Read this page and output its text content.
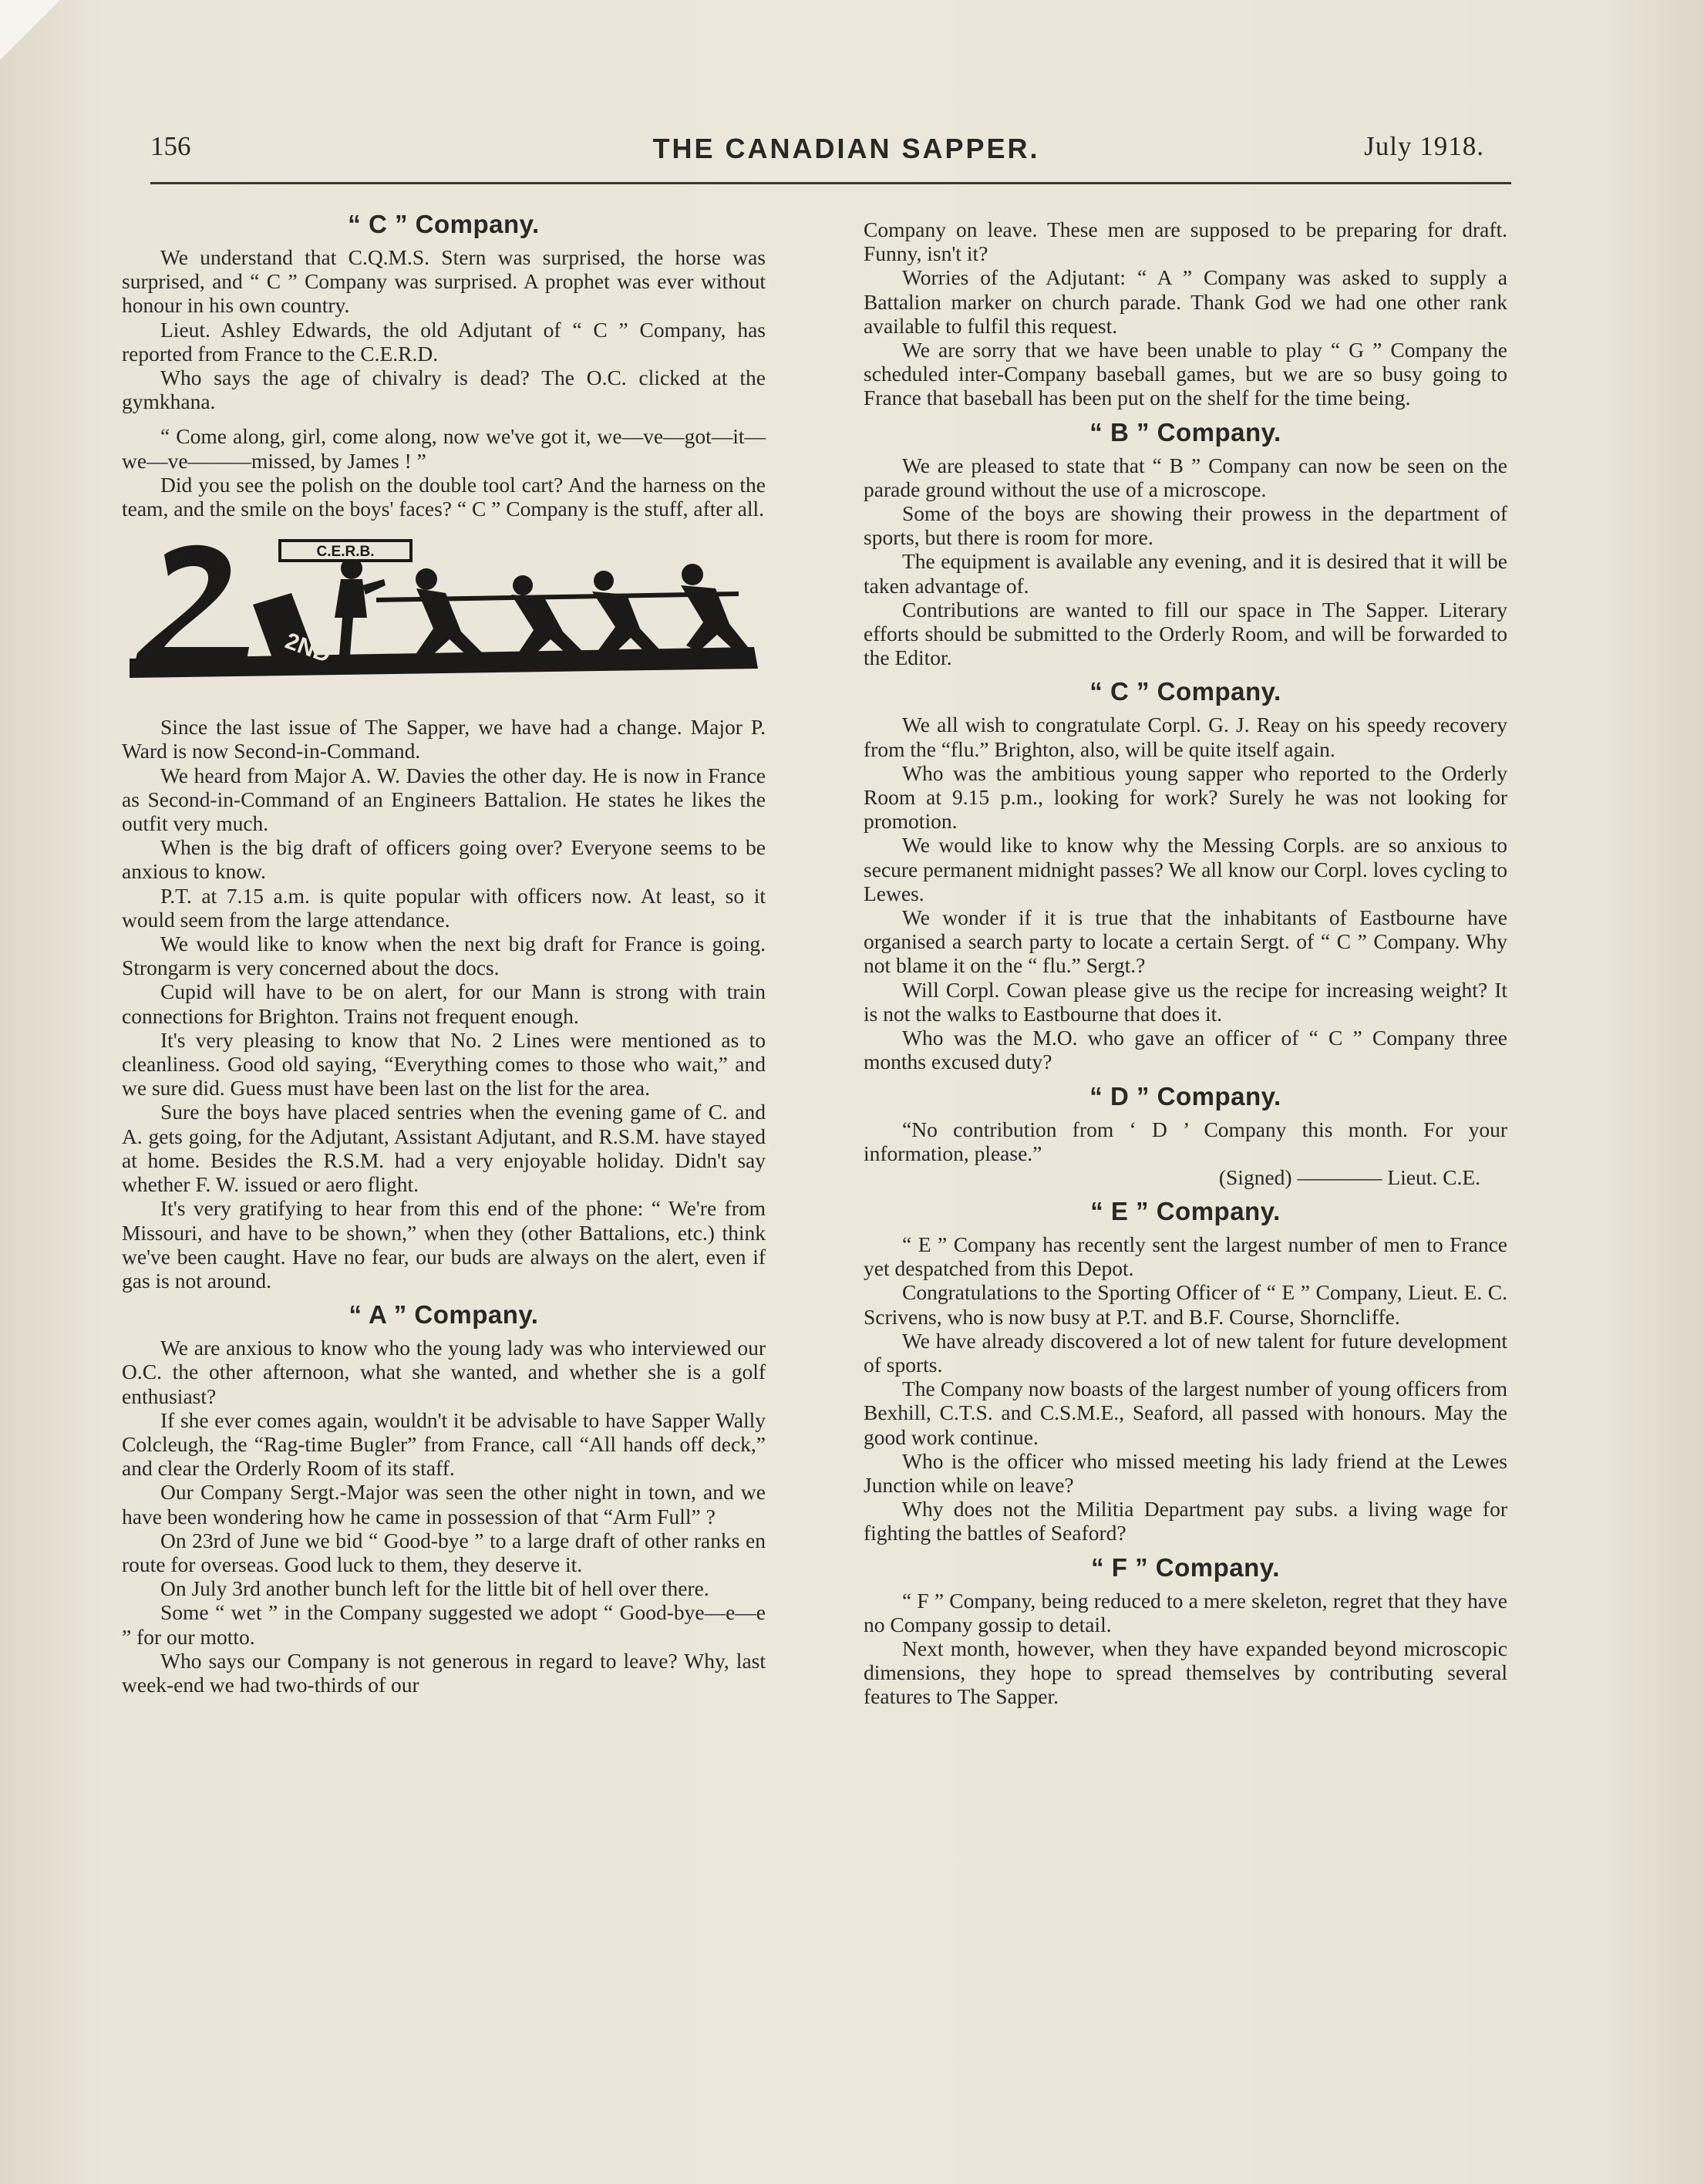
156	THE CANADIAN SAPPER.	July 1918.
“ C ” Company.

We understand that C.Q.M.S. Stern was surprised, the horse was surprised, and “ C ” Company was surprised. A prophet was ever without honour in his own country.

Lieut. Ashley Edwards, the old Adjutant of “ C ” Company, has reported from France to the C.E.R.D.

Who says the age of chivalry is dead? The O.C. clicked at the gymkhana.

“ Come along, girl, come along, now we've got it, we—ve—got—it—we—ve———missed, by James ! ”

Did you see the polish on the double tool cart? And the harness on the team, and the smile on the boys' faces? “ C ” Company is the stuff, after all.

C.E.R.B.
2ND

Since the last issue of The Sapper, we have had a change. Major P. Ward is now Second-in-Command.

We heard from Major A. W. Davies the other day. He is now in France as Second-in-Command of an Engineers Battalion. He states he likes the outfit very much.

When is the big draft of officers going over? Everyone seems to be anxious to know.

P.T. at 7.15 a.m. is quite popular with officers now. At least, so it would seem from the large attendance.

We would like to know when the next big draft for France is going. Strongarm is very concerned about the docs.

Cupid will have to be on alert, for our Mann is strong with train connections for Brighton. Trains not frequent enough.

It's very pleasing to know that No. 2 Lines were mentioned as to cleanliness. Good old saying, “Everything comes to those who wait,” and we sure did. Guess must have been last on the list for the area.

Sure the boys have placed sentries when the evening game of C. and A. gets going, for the Adjutant, Assistant Adjutant, and R.S.M. have stayed at home. Besides the R.S.M. had a very enjoyable holiday. Didn't say whether F. W. issued or aero flight.

It's very gratifying to hear from this end of the phone: “ We're from Missouri, and have to be shown,” when they (other Battalions, etc.) think we've been caught. Have no fear, our buds are always on the alert, even if gas is not around.

“ A ” Company.

We are anxious to know who the young lady was who interviewed our O.C. the other afternoon, what she wanted, and whether she is a golf enthusiast?

If she ever comes again, wouldn't it be advisable to have Sapper Wally Colcleugh, the “Rag-time Bugler” from France, call “All hands off deck,” and clear the Orderly Room of its staff.

Our Company Sergt.-Major was seen the other night in town, and we have been wondering how he came in possession of that “Arm Full” ?

On 23rd of June we bid “ Good-bye ” to a large draft of other ranks en route for overseas. Good luck to them, they deserve it.

On July 3rd another bunch left for the little bit of hell over there.

Some “ wet ” in the Company suggested we adopt “ Good-bye—e—e ” for our motto.

Who says our Company is not generous in regard to leave? Why, last week-end we had two-thirds of our

Company on leave. These men are supposed to be preparing for draft. Funny, isn't it?

Worries of the Adjutant: “ A ” Company was asked to supply a Battalion marker on church parade. Thank God we had one other rank available to fulfil this request.

We are sorry that we have been unable to play “ G ” Company the scheduled inter-Company baseball games, but we are so busy going to France that baseball has been put on the shelf for the time being.

“ B ” Company.

We are pleased to state that “ B ” Company can now be seen on the parade ground without the use of a microscope.

Some of the boys are showing their prowess in the department of sports, but there is room for more.

The equipment is available any evening, and it is desired that it will be taken advantage of.

Contributions are wanted to fill our space in The Sapper. Literary efforts should be submitted to the Orderly Room, and will be forwarded to the Editor.

“ C ” Company.

We all wish to congratulate Corpl. G. J. Reay on his speedy recovery from the “flu.” Brighton, also, will be quite itself again.

Who was the ambitious young sapper who reported to the Orderly Room at 9.15 p.m., looking for work? Surely he was not looking for promotion.

We would like to know why the Messing Corpls. are so anxious to secure permanent midnight passes? We all know our Corpl. loves cycling to Lewes.

We wonder if it is true that the inhabitants of Eastbourne have organised a search party to locate a certain Sergt. of “ C ” Company. Why not blame it on the “ flu.” Sergt.?

Will Corpl. Cowan please give us the recipe for increasing weight? It is not the walks to Eastbourne that does it.

Who was the M.O. who gave an officer of “ C ” Company three months excused duty?

“ D ” Company.

“No contribution from ‘ D ’ Company this month. For your information, please.”

(Signed) ———— Lieut. C.E.
“ E ” Company.

“ E ” Company has recently sent the largest number of men to France yet despatched from this Depot.

Congratulations to the Sporting Officer of “ E ” Company, Lieut. E. C. Scrivens, who is now busy at P.T. and B.F. Course, Shorncliffe.

We have already discovered a lot of new talent for future development of sports.

The Company now boasts of the largest number of young officers from Bexhill, C.T.S. and C.S.M.E., Seaford, all passed with honours. May the good work continue.

Who is the officer who missed meeting his lady friend at the Lewes Junction while on leave?

Why does not the Militia Department pay subs. a living wage for fighting the battles of Seaford?

“ F ” Company.

“ F ” Company, being reduced to a mere skeleton, regret that they have no Company gossip to detail.

Next month, however, when they have expanded beyond microscopic dimensions, they hope to spread themselves by contributing several features to The Sapper.
